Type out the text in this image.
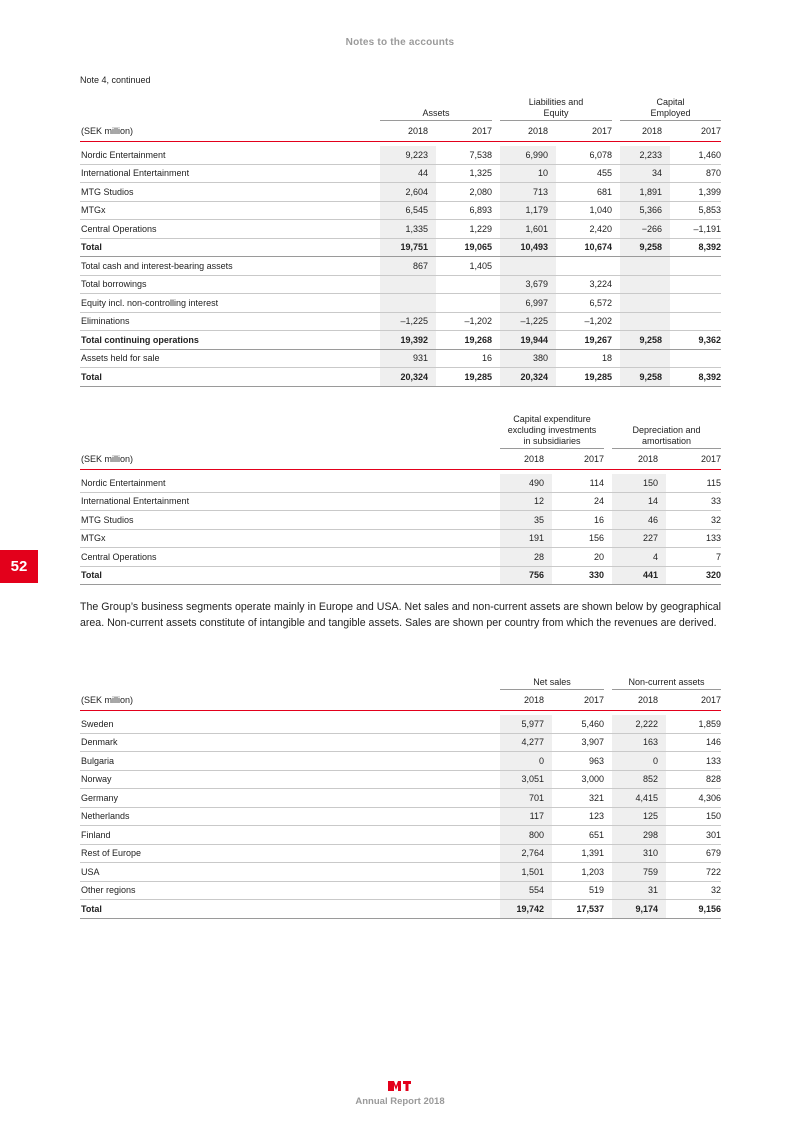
Notes to the accounts
Note 4, continued
52
	Assets			Liabilities and
Equity			Capital
Employed	
(SEK million)	2018	2017		2018	2017		2018	2017

Nordic Entertainment	9,223	7,538		6,990	6,078		2,233	1,460
International Entertainment	44	1,325		10	455		34	870
MTG Studios	2,604	2,080		713	681		1,891	1,399
MTGx	6,545	6,893		1,179	1,040		5,366	5,853
Central Operations	1,335	1,229		1,601	2,420		−266	–1,191
Total	19,751	19,065		10,493	10,674		9,258	8,392
Total cash and interest-bearing assets	867	1,405						
Total borrowings				3,679	3,224			
Equity incl. non-controlling interest				6,997	6,572			
Eliminations	–1,225	–1,202		–1,225	–1,202			
Total continuing operations	19,392	19,268		19,944	19,267		9,258	9,362
Assets held for sale	931	16		380	18			
Total	20,324	19,285		20,324	19,285		9,258	8,392
	Capital expenditure
excluding investments
in subsidiaries			Depreciation and
amortisation	
(SEK million)	2018	2017		2018	2017

Nordic Entertainment	490	114		150	115
International Entertainment	12	24		14	33
MTG Studios	35	16		46	32
MTGx	191	156		227	133
Central Operations	28	20		4	7
Total	756	330		441	320
The Group’s business segments operate mainly in Europe and USA. Net sales and non-current assets are shown below by geographical area. Non-current assets constitute of intangible and tangible assets. Sales are shown per country from which the revenues are derived.
	Net sales			Non-current assets	
(SEK million)	2018	2017		2018	2017

Sweden	5,977	5,460		2,222	1,859
Denmark	4,277	3,907		163	146
Bulgaria	0	963		0	133
Norway	3,051	3,000		852	828
Germany	701	321		4,415	4,306
Netherlands	117	123		125	150
Finland	800	651		298	301
Rest of Europe	2,764	1,391		310	679
USA	1,501	1,203		759	722
Other regions	554	519		31	32
Total	19,742	17,537		9,174	9,156
Annual Report 2018
